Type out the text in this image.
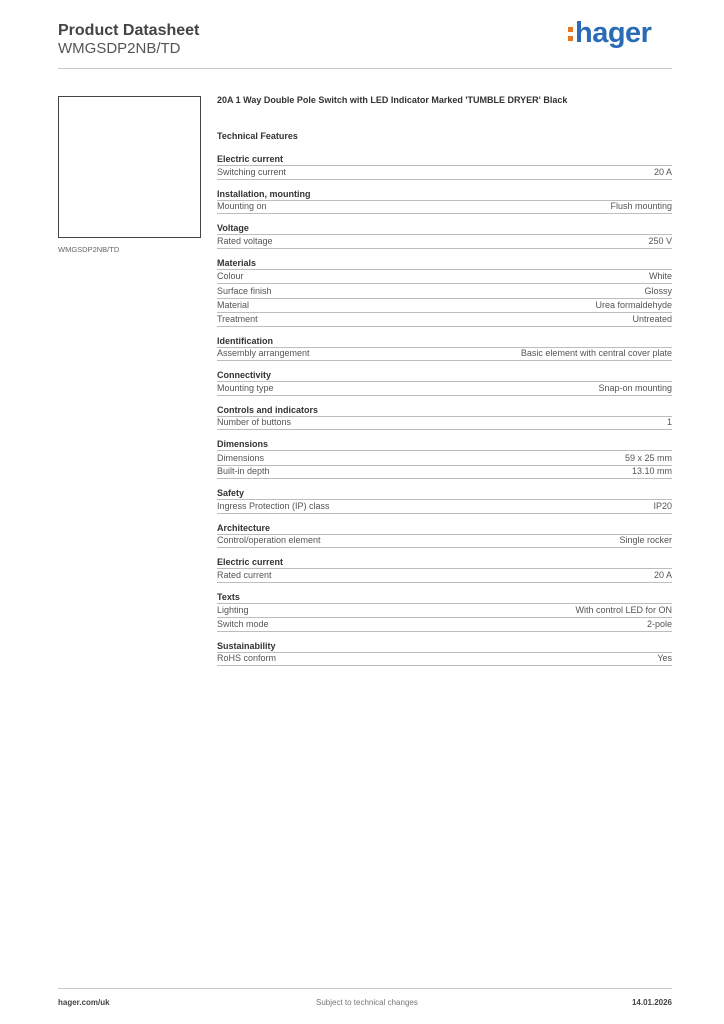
Product Datasheet
WMGSDP2NB/TD	hager
WMGSDP2NB/TD
20A 1 Way Double Pole Switch with LED Indicator Marked 'TUMBLE DRYER' Black
Technical Features
Electric current
Switching current	20 A
Installation, mounting
Mounting on	Flush mounting
Voltage
Rated voltage	250 V
Materials
Colour	White
Surface finish	Glossy
Material	Urea formaldehyde
Treatment	Untreated
Identification
Assembly arrangement	Basic element with central cover plate
Connectivity
Mounting type	Snap-on mounting
Controls and indicators
Number of buttons	1
Dimensions
Dimensions	59 x 25 mm
Built-in depth	13.10 mm
Safety
Ingress Protection (IP) class	IP20
Architecture
Control/operation element	Single rocker
Electric current
Rated current	20 A
Texts
Lighting	With control LED for ON
Switch mode	2-pole
Sustainability
RoHS conform	Yes
hager.com/uk	Subject to technical changes	14.01.2026
